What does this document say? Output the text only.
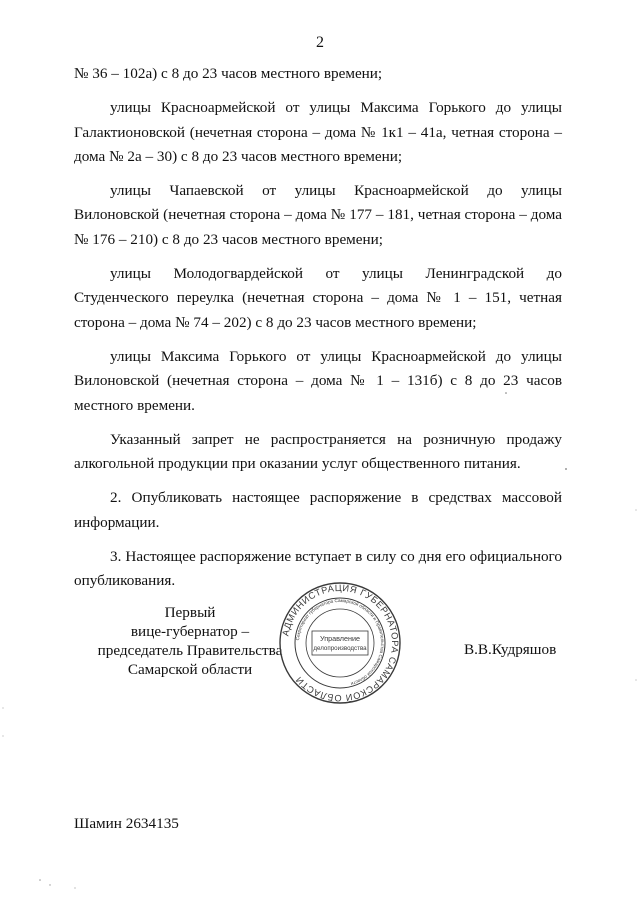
2

№ 36 – 102а) с 8 до 23 часов местного времени;

улицы Красноармейской от улицы Максима Горького до улицы Галактионовской (нечетная сторона – дома № 1к1 – 41а, четная сторона – дома № 2а – 30) с 8 до 23 часов местного времени;

улицы Чапаевской от улицы Красноармейской до улицы Вилоновской (нечетная сторона – дома № 177 – 181, четная сторона – дома № 176 – 210) с 8 до 23 часов местного времени;

улицы Молодогвардейской от улицы Ленинградской до Студенческого переулка (нечетная сторона – дома № 1 – 151, четная сторона – дома № 74 – 202) с 8 до 23 часов местного времени;

улицы Максима Горького от улицы Красноармейской до улицы Вилоновской (нечетная сторона – дома № 1 – 131б) с 8 до 23 часов местного времени.

Указанный запрет не распространяется на розничную продажу алкогольной продукции при оказании услуг общественного питания.

2. Опубликовать настоящее распоряжение в средствах массовой информации.

3. Настоящее распоряжение вступает в силу со дня его официального опубликования.

Первый
вице-губернатор –
председатель Правительства
Самарской области
АДМИНИСТРАЦИЯ ГУБЕРНАТОРА САМАРСКОЙ ОБЛАСТИ
Секретариат губернатора Самарской области и Правительства Самарской области
Управление
делопроизводства	В.В.Кудряшов
Шамин 2634135
